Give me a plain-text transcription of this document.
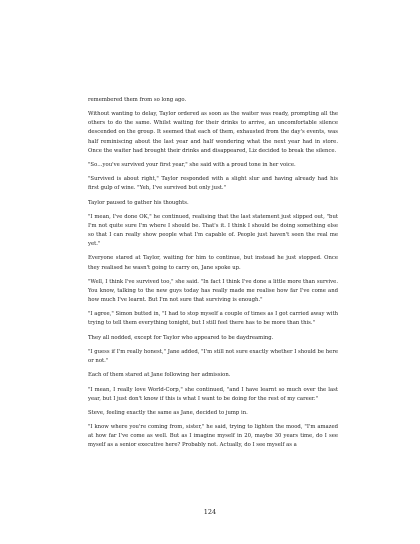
remembered them from so long ago.

Without wanting to delay, Taylor ordered as soon as the waiter was ready, prompting all the others to do the same. Whilst waiting for their drinks to arrive, an uncomfortable silence descended on the group. It seemed that each of them, exhausted from the day's events, was half reminiscing about the last year and half wondering what the next year had in store. Once the waiter had brought their drinks and disappeared, Liz decided to break the silence.

"So…you've survived your first year," she said with a proud tone in her voice.

"Survived is about right," Taylor responded with a slight slur and having already had his first gulp of wine. "Yeh, I've survived but only just."

Taylor paused to gather his thoughts.

"I mean, I've done OK," he continued, realising that the last statement just slipped out, "but I'm not quite sure I'm where I should be. That's it. I think I should be doing something else so that I can really show people what I'm capable of. People just haven't seen the real me yet."

Everyone stared at Taylor, waiting for him to continue, but instead he just stopped. Once they realised he wasn't going to carry on, Jane spoke up.

"Well, I think I've survived too," she said. "In fact I think I've done a little more than survive. You know, talking to the new guys today has really made me realise how far I've come and how much I've learnt. But I'm not sure that surviving is enough."

"I agree," Simon butted in, "I had to stop myself a couple of times as I got carried away with trying to tell them everything tonight, but I still feel there has to be more than this."

They all nodded, except for Taylor who appeared to be daydreaming.

"I guess if I'm really honest," Jane added, "I'm still not sure exactly whether I should be here or not."

Each of them stared at Jane following her admission.

"I mean, I really love World-Corp," she continued, "and I have learnt so much over the last year, but I just don't know if this is what I want to be doing for the rest of my career."

Steve, feeling exactly the same as Jane, decided to jump in.

"I know where you're coming from, sister," he said, trying to lighten the mood, "I'm amazed at how far I've come as well. But as I imagine myself in 20, maybe 30 years time, do I see myself as a senior executive here? Probably not. Actually, do I see myself as a

124
